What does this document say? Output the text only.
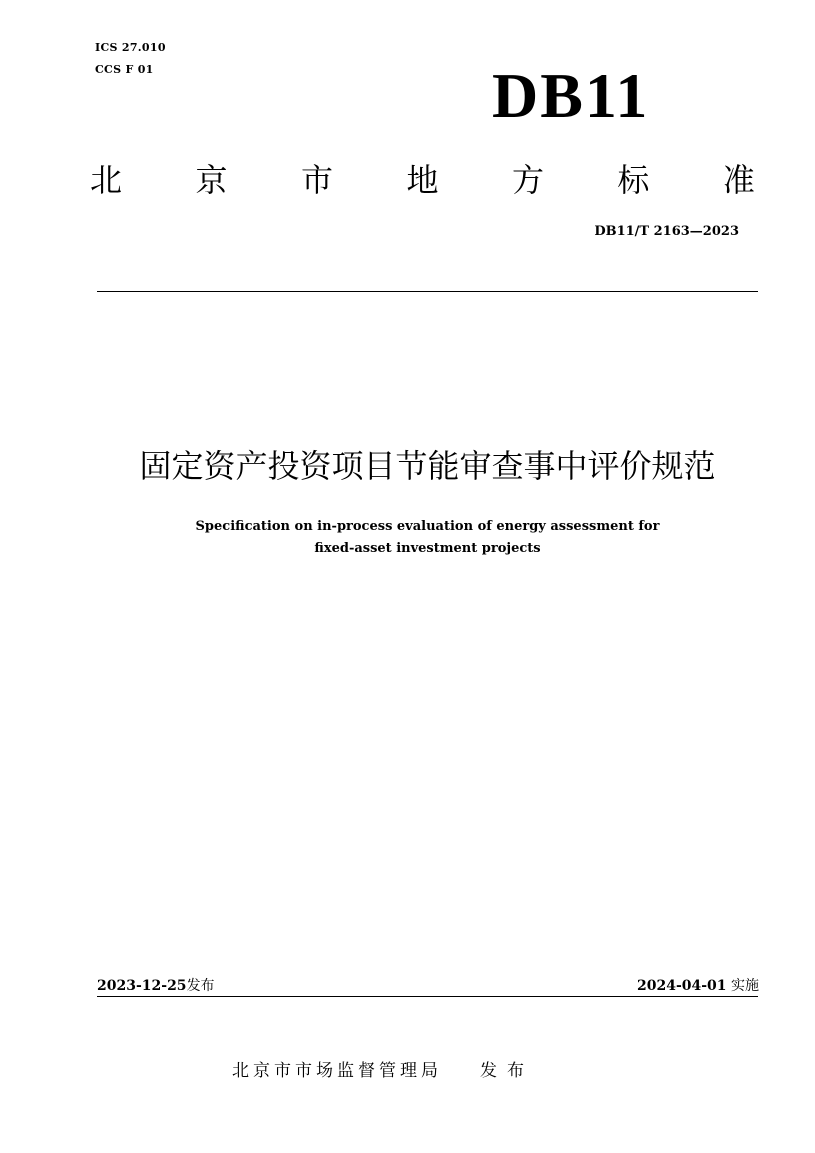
ICS 27.010
CCS F 01	DB11
北 京 市 地 方 标 准
DB11/T 2163—2023
固定资产投资项目节能审查事中评价规范
Specification on in-process evaluation of energy assessment for
fixed-asset investment projects
2023-12-25发布	2024-04-01 实施
北京市市场监督管理局 发布
